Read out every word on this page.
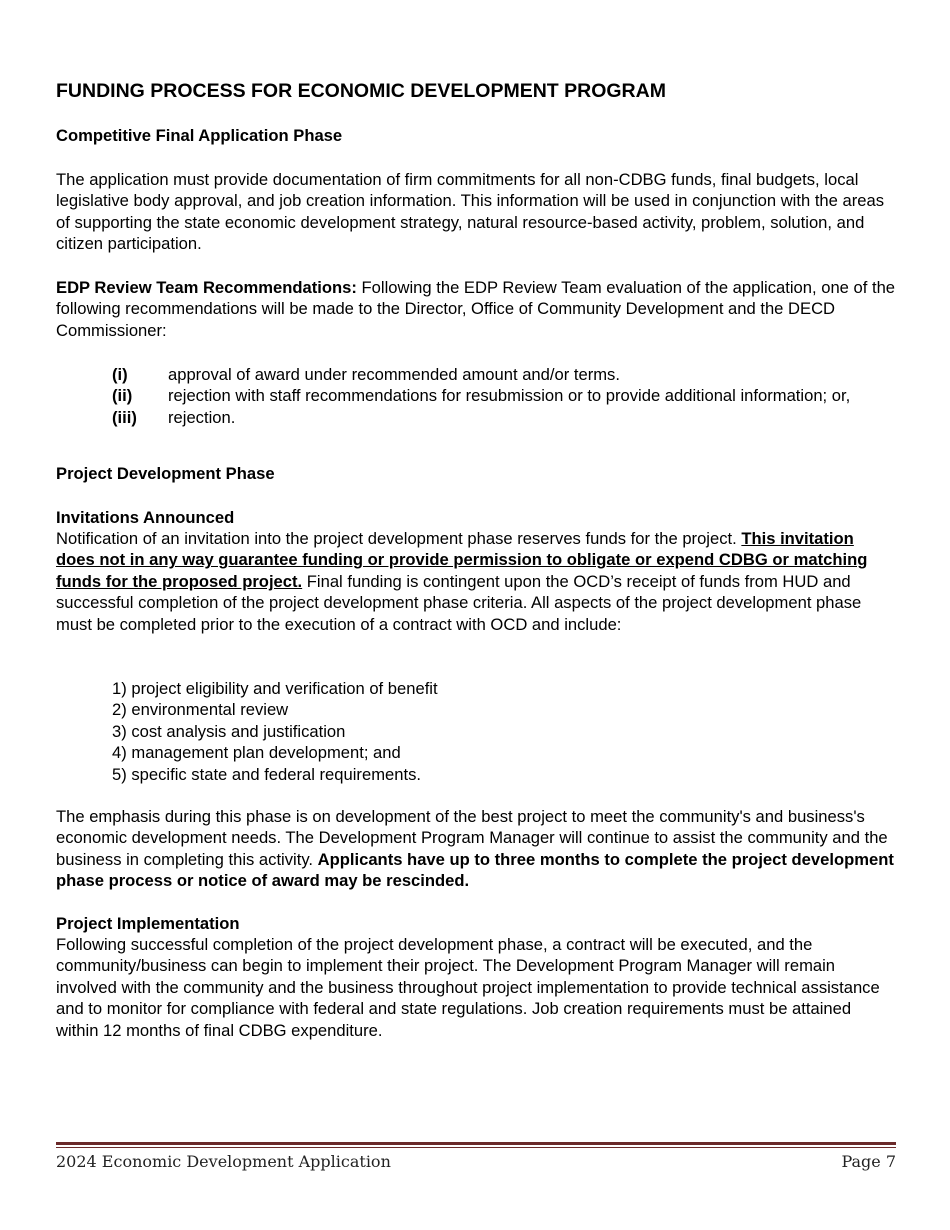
FUNDING PROCESS FOR ECONOMIC DEVELOPMENT PROGRAM
Competitive Final Application Phase

The application must provide documentation of firm commitments for all non-CDBG funds, final budgets, local legislative body approval, and job creation information. This information will be used in conjunction with the areas of supporting the state economic development strategy, natural resource-based activity, problem, solution, and citizen participation.

EDP Review Team Recommendations: Following the EDP Review Team evaluation of the application, one of the following recommendations will be made to the Director, Office of Community Development and the DECD Commissioner:

Project Development Phase
Invitations Announced

Notification of an invitation into the project development phase reserves funds for the project. This invitation does not in any way guarantee funding or provide permission to obligate or expend CDBG or matching funds for the proposed project. Final funding is contingent upon the OCD’s receipt of funds from HUD and successful completion of the project development phase criteria. All aspects of the project development phase must be completed prior to the execution of a contract with OCD and include:

The emphasis during this phase is on development of the best project to meet the community's and business's economic development needs. The Development Program Manager will continue to assist the community and the business in completing this activity. Applicants have up to three months to complete the project development phase process or notice of award may be rescinded.

Project Implementation

Following successful completion of the project development phase, a contract will be executed, and the community/business can begin to implement their project. The Development Program Manager will remain involved with the community and the business throughout project implementation to provide technical assistance and to monitor for compliance with federal and state regulations. Job creation requirements must be attained within 12 months of final CDBG expenditure.

(i) approval of award under recommended amount and/or terms.
(ii) rejection with staff recommendations for resubmission or to provide additional information; or,
(iii) rejection.
1) project eligibility and verification of benefit
2) environmental review
3) cost analysis and justification
4) management plan development; and
5) specific state and federal requirements.
2024 Economic Development Application	Page 7
